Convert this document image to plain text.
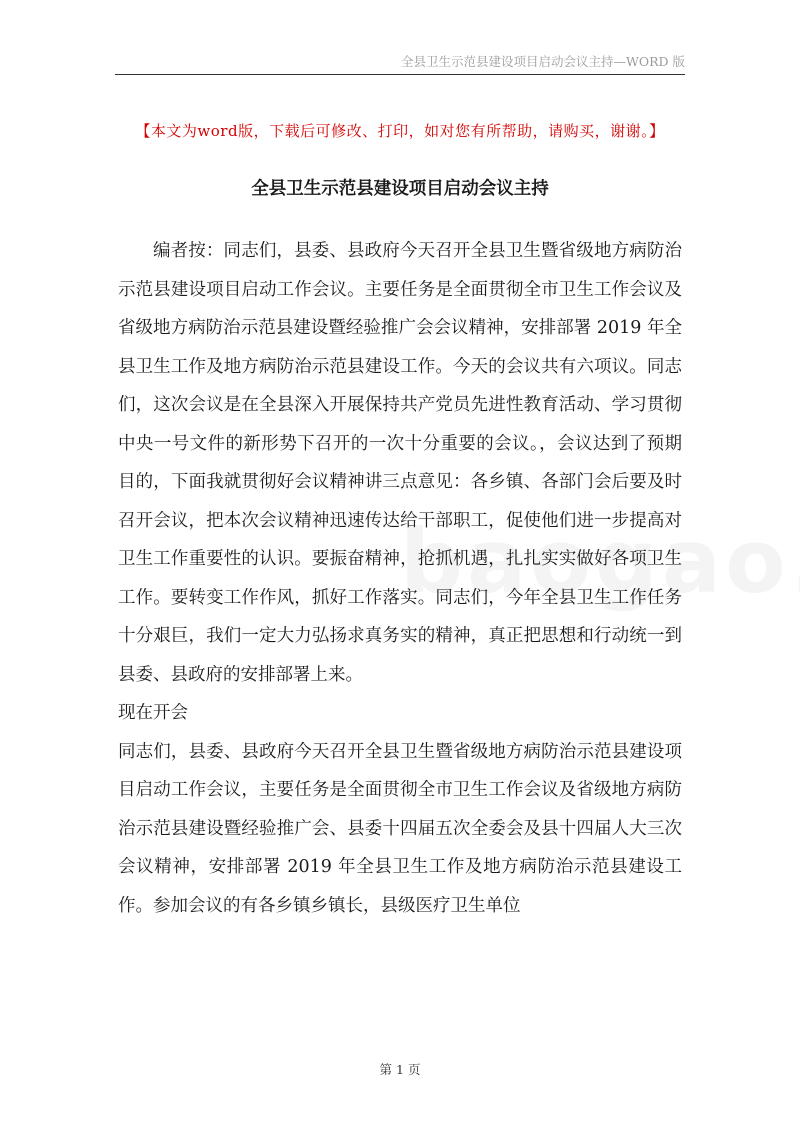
全县卫生示范县建设项目启动会议主持—WORD 版
【本文为word版，下载后可修改、打印，如对您有所帮助，请购买，谢谢。】
全县卫生示范县建设项目启动会议主持

编者按：同志们，县委、县政府今天召开全县卫生暨省级地方病防治示范县建设项目启动工作会议。主要任务是全面贯彻全市卫生工作会议及省级地方病防治示范县建设暨经验推广会会议精神，安排部署 2019 年全县卫生工作及地方病防治示范县建设工作。今天的会议共有六项议。同志们，这次会议是在全县深入开展保持共产党员先进性教育活动、学习贯彻中央一号文件的新形势下召开的一次十分重要的会议。，会议达到了预期目的，下面我就贯彻好会议精神讲三点意见：各乡镇、各部门会后要及时召开会议，把本次会议精神迅速传达给干部职工，促使他们进一步提高对卫生工作重要性的认识。要振奋精神，抢抓机遇，扎扎实实做好各项卫生工作。要转变工作作风，抓好工作落实。同志们，今年全县卫生工作任务十分艰巨，我们一定大力弘扬求真务实的精神，真正把思想和行动统一到县委、县政府的安排部署上来。

现在开会

同志们，县委、县政府今天召开全县卫生暨省级地方病防治示范县建设项目启动工作会议，主要任务是全面贯彻全市卫生工作会议及省级地方病防治示范县建设暨经验推广会、县委十四届五次全委会及县十四届人大三次会议精神，安排部署 2019 年全县卫生工作及地方病防治示范县建设工作。参加会议的有各乡镇乡镇长，县级医疗卫生单位

第 1 页
